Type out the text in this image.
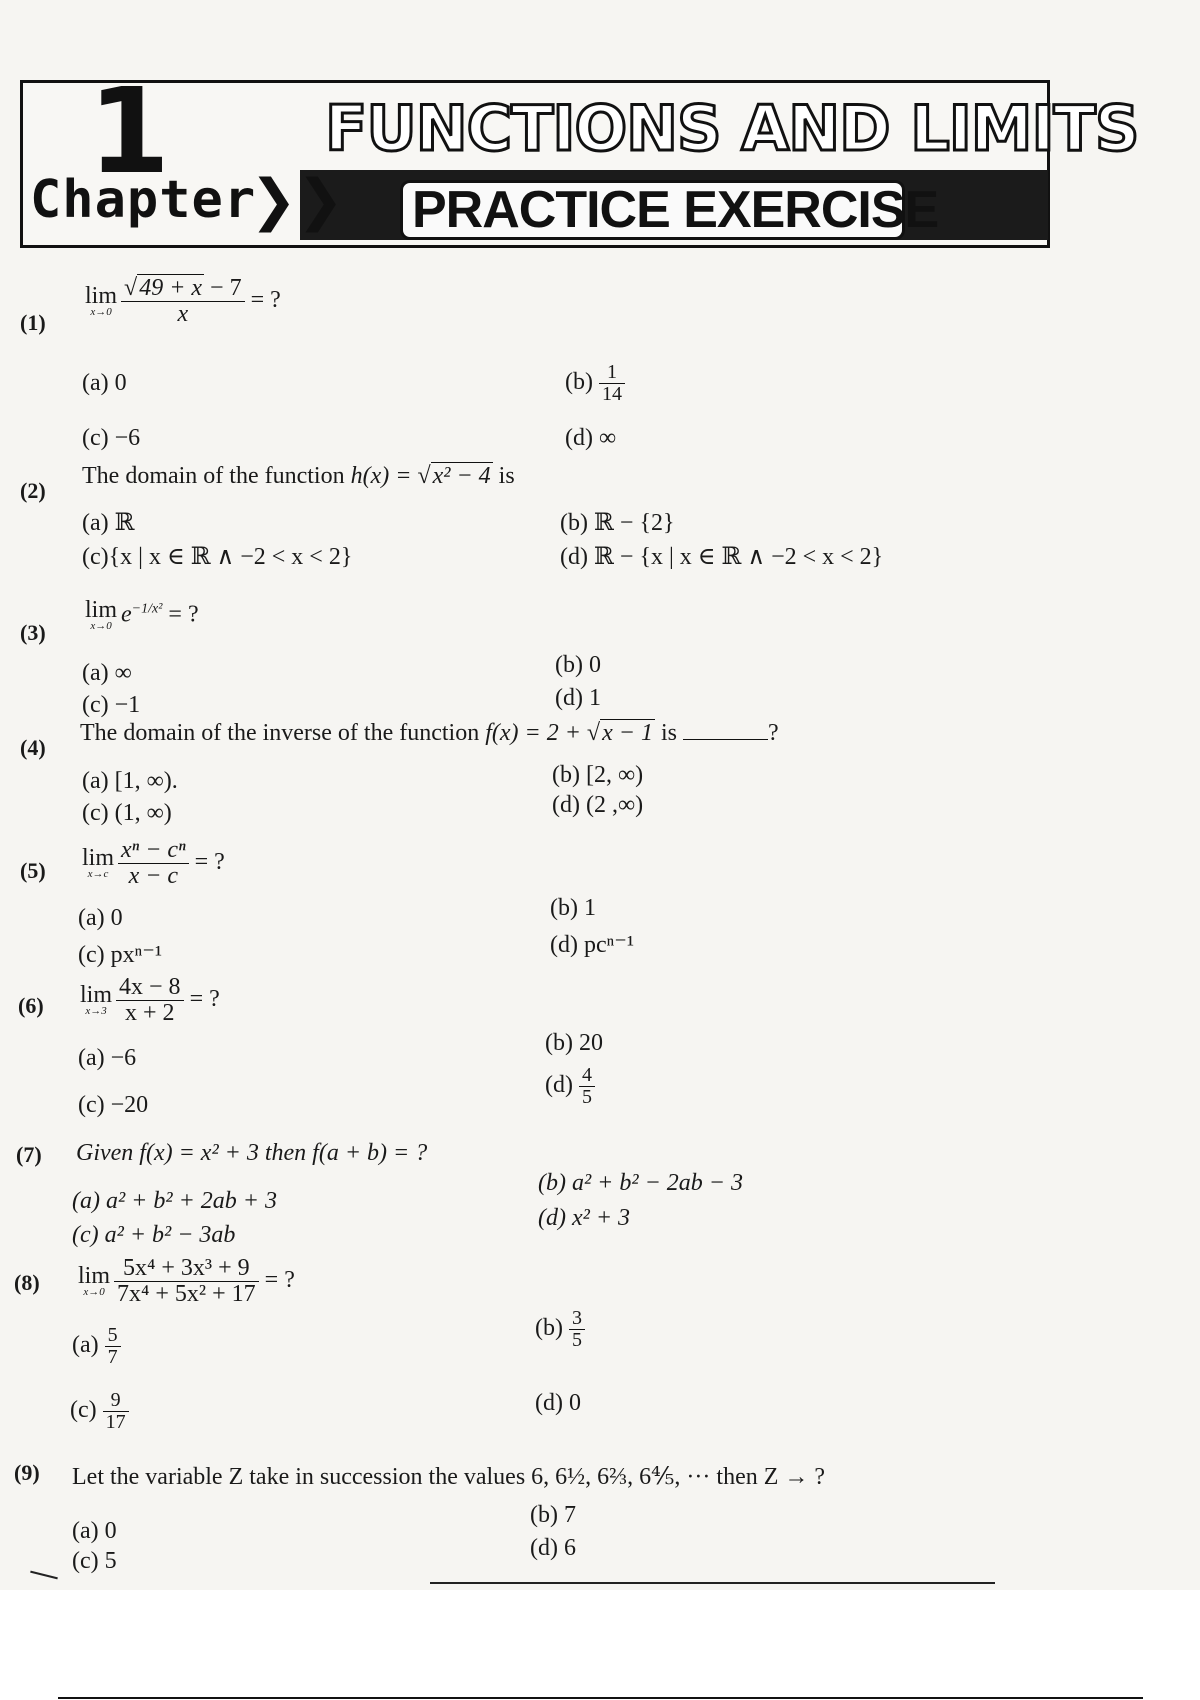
1
Chapter
❯❯
FUNCTIONS AND LIMITS
PRACTICE EXERCISE
(1)
lim
$x\to 0 \frac{√49 + x - 7}{x}$ = ?
(a) 0	$(b) \frac{1}{14}$
(c) −6	(d) ∞
(2)
The domain of the function h(x) = √x² − 4 is
(a) ℝ	(b) ℝ − {2}
(c){x | x ∈ ℝ ∧ −2 < x < 2}	(d) ℝ − {x | x ∈ ℝ ∧ −2 < x < 2}
(3)
lim
x→0 $e^{-1/x^2}$ = ?
(a) ∞	(b) 0
(c) −1	(d) 1
(4)
The domain of the inverse of the function f(x) = 2 + √x − 1 is	?
(a) [1, ∞).	(b) [2, ∞)
(c) (1, ∞)	(d) (2 ,∞)
(5) lim
$x\to c \frac{\text{xⁿ − cⁿ}}{x - c}$ = ?
(a) 0	(b) 1
(c) pxⁿ⁻¹	(d) pcⁿ⁻¹
(6) lim
$x\to 3 \frac{4x - 8}{x + 2}$ = ?
(a) −6
(b) 20
(c) −20
$(d) \frac{4}{5}$
(7) Given f(x) = x² + 3 then f(a + b) = ?
(a) a² + b² + 2ab + 3
(b) a² + b² − 2ab − 3
(c) a² + b² − 3ab
(d) x² + 3
(8) lim
$x\to 0 \frac{\text{5x⁴ + 3x³ + 9}}{\text{7x⁴ + 5x² + 17}}$ = ?
$(a) \frac{5}{7}$	$(b) \frac{3}{5}$
$(c) \frac{9}{17}$	(d) 0
(9) Let the variable Z take in succession the values 6, 6½, 6⅔, 6⅘, ··· then Z → ?
(a) 0
(b) 7
(c) 5	(d) 6
